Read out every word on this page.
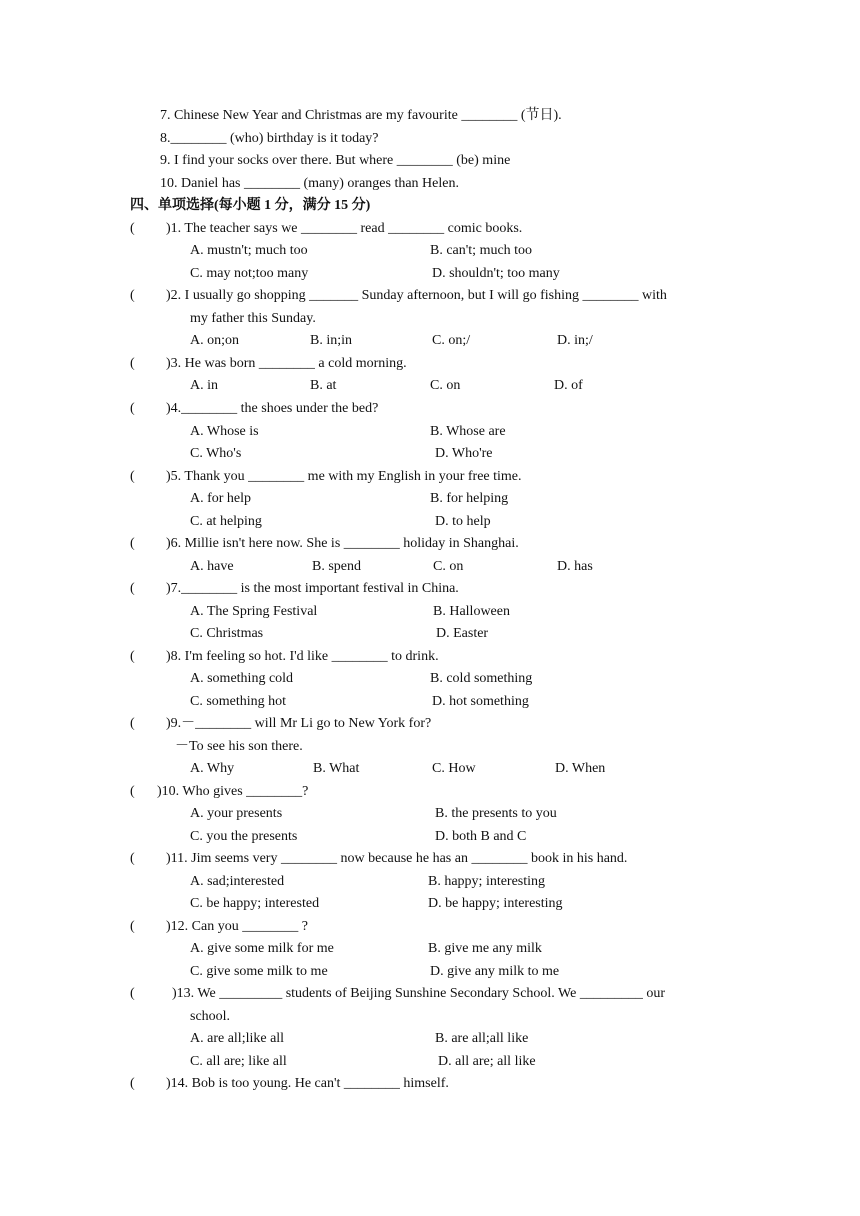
7. Chinese New Year and Christmas are my favourite ________ (节日).
8.________ (who) birthday is it today?
9. I find your socks over there. But where ________ (be) mine
10. Daniel has ________ (many) oranges than Helen.
四、单项选择(每小题 1 分，满分 15 分)
( )1. The teacher says we ________ read ________ comic books.
A. mustn't; much too	B. can't; much too
C. may not;too many	D. shouldn't; too many
( )2. I usually go shopping _______ Sunday afternoon, but I will go fishing ________ with
my father this Sunday.
A. on;on	B. in;in	C. on;/	D. in;/
( )3. He was born ________ a cold morning.
A. in	B. at	C. on	D. of
( )4.________ the shoes under the bed?
A. Whose is	B. Whose are
C. Who's	D. Who're
( )5. Thank you ________ me with my English in your free time.
A. for help	B. for helping
C. at helping	D. to help
( )6. Millie isn't here now. She is ________ holiday in Shanghai.
A. have	B. spend	C. on	D. has
( )7.________ is the most important festival in China.
A. The Spring Festival	B. Halloween
C. Christmas	D. Easter
( )8. I'm feeling so hot. I'd like ________ to drink.
A. something cold	B. cold something
C. something hot	D. hot something
( )9.－________ will Mr Li go to New York for?
－To see his son there.
A. Why	B. What	C. How	D. When
( )10. Who gives ________?
A. your presents	B. the presents to you
C. you the presents	D. both B and C
( )11. Jim seems very ________ now because he has an ________ book in his hand.
A. sad;interested	B. happy; interesting
C. be happy; interested	D. be happy; interesting
( )12. Can you ________ ?
A. give some milk for me	B. give me any milk
C. give some milk to me	D. give any milk to me
(	)13. We _________ students of Beijing Sunshine Secondary School. We _________ our
school.
A. are all;like all	B. are all;all like
C. all are; like all	D. all are; all like
( )14. Bob is too young. He can't ________ himself.
